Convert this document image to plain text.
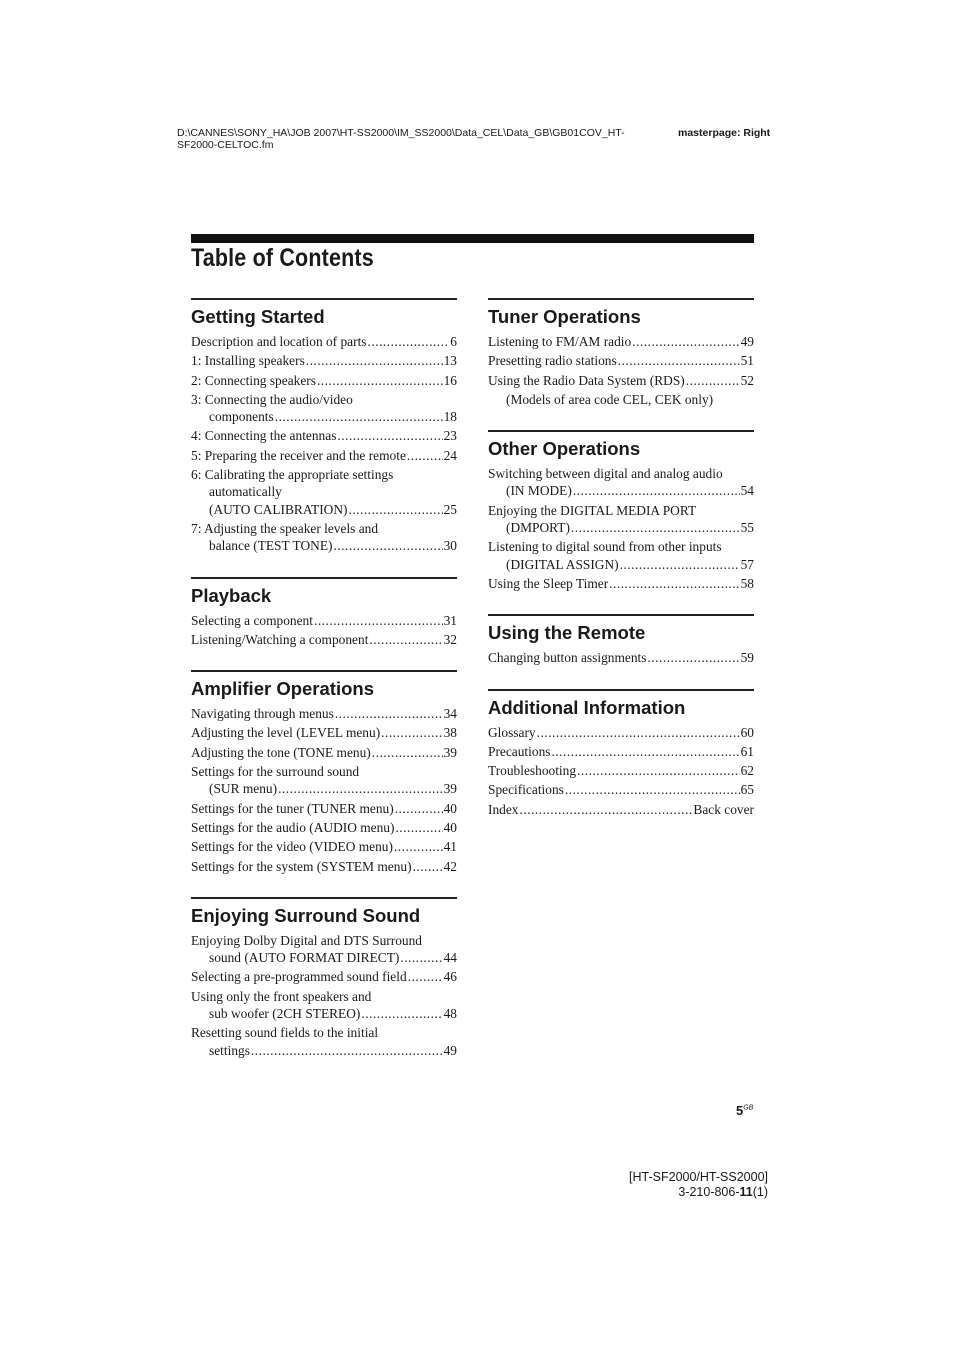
D:\CANNES\SONY_HA\JOB 2007\HT-SS2000\IM_SS2000\Data_CEL\Data_GB\GB01COV_HT-
SF2000-CELTOC.fm
masterpage: Right
Table of Contents
Getting Started
Description and location of parts .....	6
1: Installing speakers .....	13
2: Connecting speakers .....	16
3: Connecting the audio/video
components .....	18
4: Connecting the antennas .....	23
5: Preparing the receiver and the remote .....	24
6: Calibrating the appropriate settings
automatically
(AUTO CALIBRATION) .....	25
7: Adjusting the speaker levels and
balance (TEST TONE) .....	30
Playback
Selecting a component .....	31
Listening/Watching a component .....	32
Amplifier Operations
Navigating through menus .....	34
Adjusting the level (LEVEL menu) .....	38
Adjusting the tone (TONE menu) .....	39
Settings for the surround sound
(SUR menu) .....	39
Settings for the tuner (TUNER menu) .....	40
Settings for the audio (AUDIO menu) .....	40
Settings for the video (VIDEO menu) .....	41
Settings for the system (SYSTEM menu) ..... 42
Enjoying Surround Sound
Enjoying Dolby Digital and DTS Surround
sound (AUTO FORMAT DIRECT) .....	44
Selecting a pre-programmed sound field .....	46
Using only the front speakers and
sub woofer (2CH STEREO) .....	48
Resetting sound fields to the initial
settings .....	49
Tuner Operations
Listening to FM/AM radio .....	49
Presetting radio stations .....	51
Using the Radio Data System (RDS) .....	52
(Models of area code CEL, CEK only)
Other Operations
Switching between digital and analog audio
(IN MODE) .....	54
Enjoying the DIGITAL MEDIA PORT
(DMPORT) .....	55
Listening to digital sound from other inputs
(DIGITAL ASSIGN) .....	57
Using the Sleep Timer .....	58
Using the Remote
Changing button assignments .....	59
Additional Information
Glossary .....	60
Precautions .....	61
Troubleshooting .....	62
Specifications .....	65
Index .....	Back cover
$5^{GB}$
[HT-SF2000/HT-SS2000]
3-210-806-11(1)
